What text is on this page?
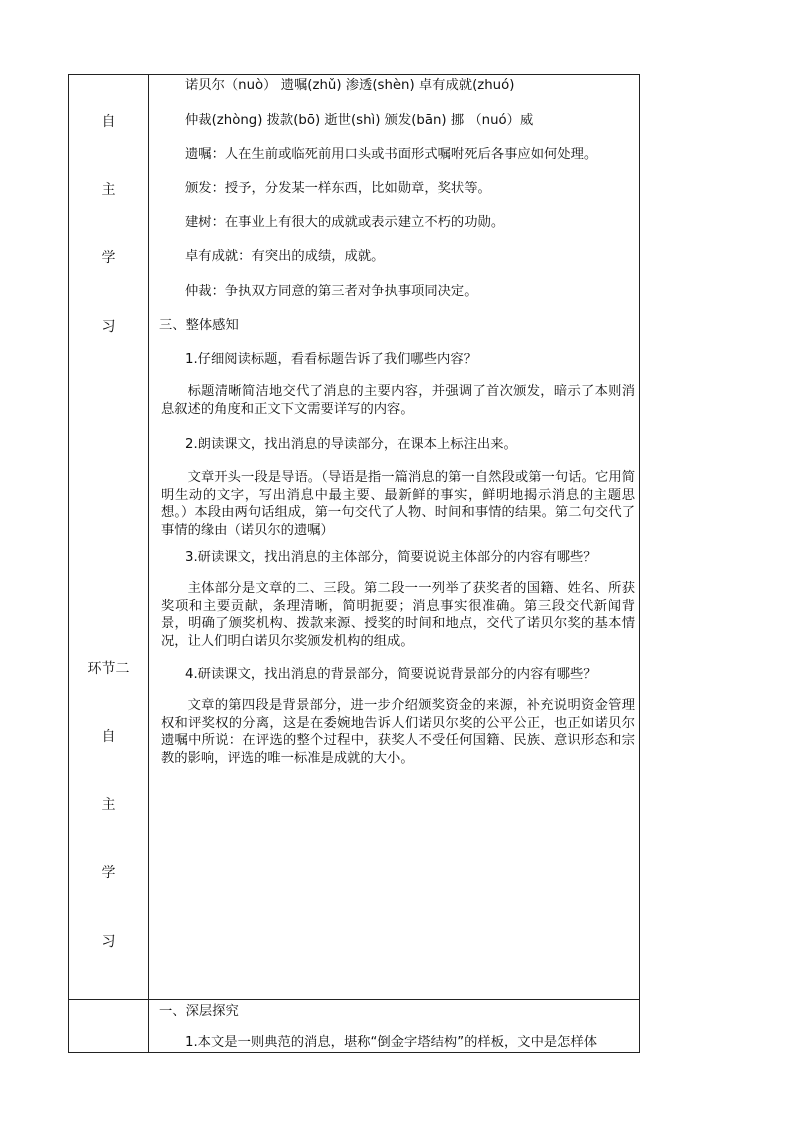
自
主
学
习
环节二
自
主
学
习
诺贝尔（nuò） 遗嘱(zhǔ) 渗透(shèn) 卓有成就(zhuó)
仲裁(zhòng) 拨款(bō) 逝世(shì) 颁发(bān) 挪 （nuó）威
遗嘱：人在生前或临死前用口头或书面形式嘱咐死后各事应如何处理。
颁发：授予，分发某一样东西，比如勋章，奖状等。
建树：在事业上有很大的成就或表示建立不朽的功勋。
卓有成就：有突出的成绩，成就。
仲裁：争执双方同意的第三者对争执事项同决定。
三、整体感知
1.仔细阅读标题，看看标题告诉了我们哪些内容？
标题清晰简洁地交代了消息的主要内容，并强调了首次颁发，暗示了本则消息叙述的角度和正文下文需要详写的内容。
2.朗读课文，找出消息的导读部分，在课本上标注出来。
文章开头一段是导语。（导语是指一篇消息的第一自然段或第一句话。它用简明生动的文字，写出消息中最主要、最新鲜的事实，鲜明地揭示消息的主题思想。）本段由两句话组成，第一句交代了人物、时间和事情的结果。第二句交代了事情的缘由（诺贝尔的遗嘱）
3.研读课文，找出消息的主体部分，简要说说主体部分的内容有哪些？
主体部分是文章的二、三段。第二段一一列举了获奖者的国籍、姓名、所获奖项和主要贡献，条理清晰，简明扼要；消息事实很准确。第三段交代新闻背景，明确了颁奖机构、拨款来源、授奖的时间和地点，交代了诺贝尔奖的基本情况，让人们明白诺贝尔奖颁发机构的组成。
4.研读课文，找出消息的背景部分，简要说说背景部分的内容有哪些？
文章的第四段是背景部分，进一步介绍颁奖资金的来源，补充说明资金管理权和评奖权的分离，这是在委婉地告诉人们诺贝尔奖的公平公正，也正如诺贝尔遗嘱中所说：在评选的整个过程中，获奖人不受任何国籍、民族、意识形态和宗教的影响，评选的唯一标准是成就的大小。
一、深层探究
1.本文是一则典范的消息，堪称“倒金字塔结构”的样板，文中是怎样体
